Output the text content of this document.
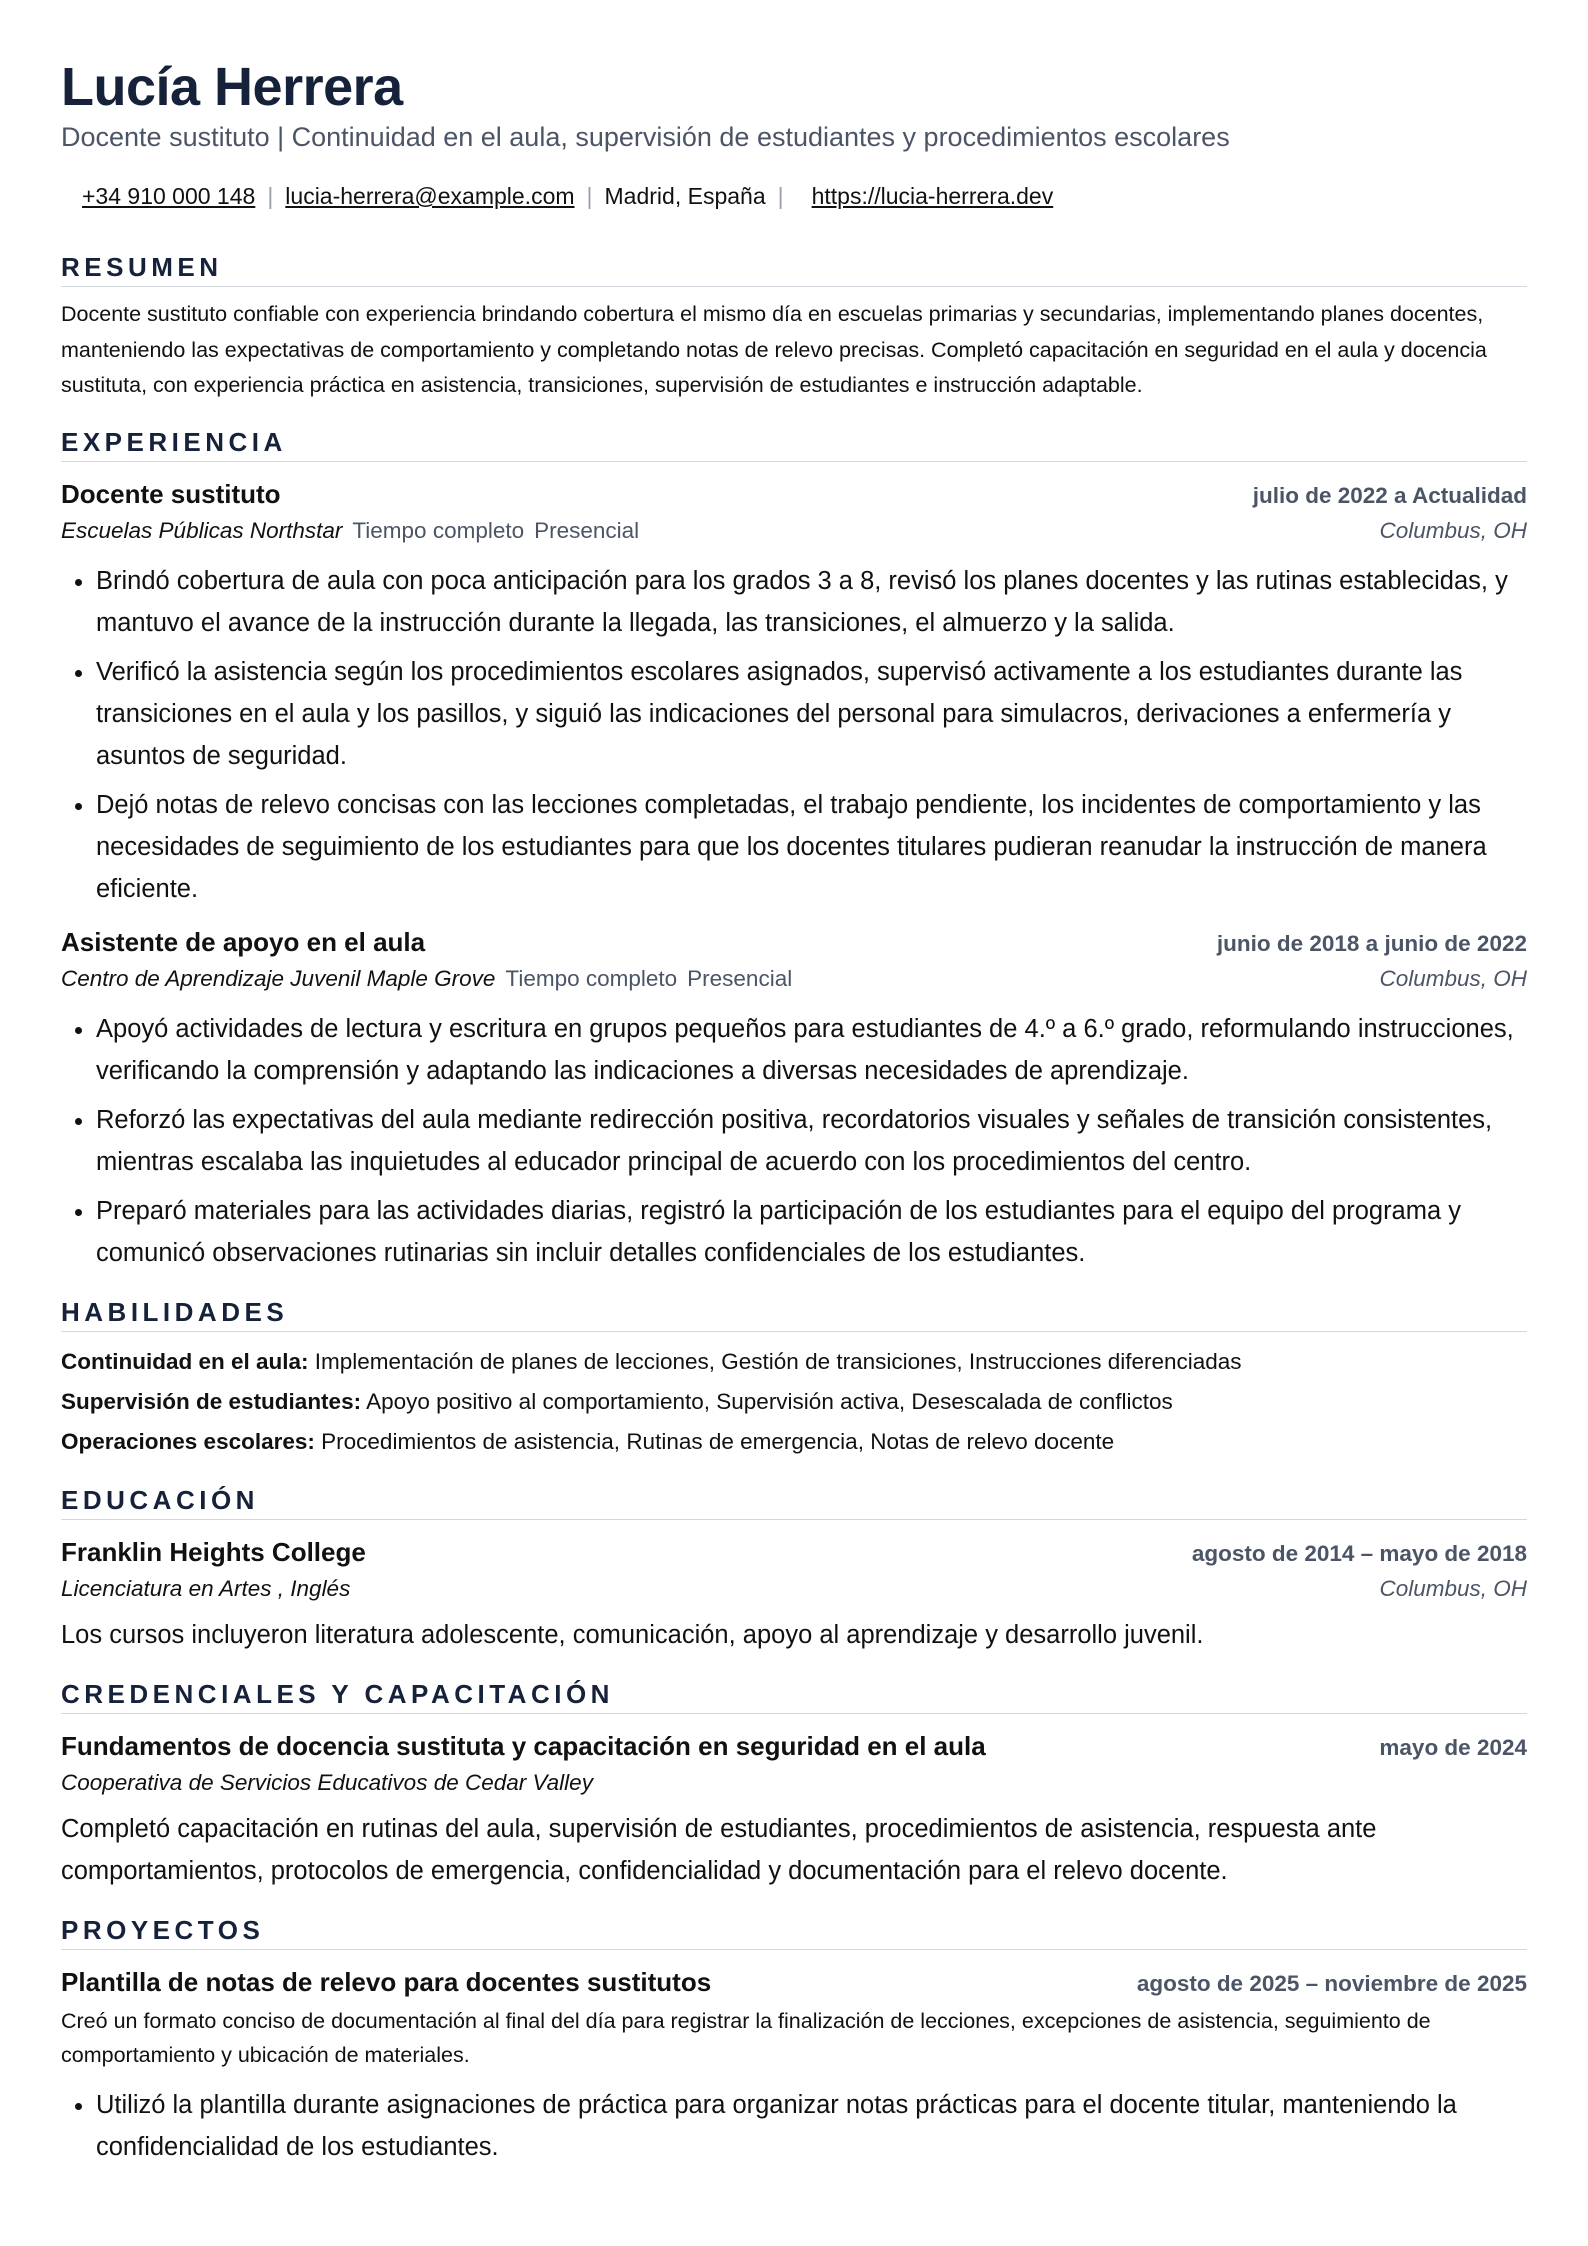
Lucía Herrera
Docente sustituto | Continuidad en el aula, supervisión de estudiantes y procedimientos escolares
+34 910 000 148 | lucia-herrera@example.com | Madrid, España | https://lucia-herrera.dev
RESUMEN
Docente sustituto confiable con experiencia brindando cobertura el mismo día en escuelas primarias y secundarias, implementando planes docentes, manteniendo las expectativas de comportamiento y completando notas de relevo precisas. Completó capacitación en seguridad en el aula y docencia sustituta, con experiencia práctica en asistencia, transiciones, supervisión de estudiantes e instrucción adaptable.
EXPERIENCIA
Docente sustituto	julio de 2022 a Actualidad
Escuelas Públicas Northstar Tiempo completo Presencial	Columbus, OH
• Brindó cobertura de aula con poca anticipación para los grados 3 a 8, revisó los planes docentes y las rutinas establecidas, y mantuvo el avance de la instrucción durante la llegada, las transiciones, el almuerzo y la salida.
• Verificó la asistencia según los procedimientos escolares asignados, supervisó activamente a los estudiantes durante las transiciones en el aula y los pasillos, y siguió las indicaciones del personal para simulacros, derivaciones a enfermería y asuntos de seguridad.
• Dejó notas de relevo concisas con las lecciones completadas, el trabajo pendiente, los incidentes de comportamiento y las necesidades de seguimiento de los estudiantes para que los docentes titulares pudieran reanudar la instrucción de manera eficiente.
Asistente de apoyo en el aula	junio de 2018 a junio de 2022
Centro de Aprendizaje Juvenil Maple Grove Tiempo completo Presencial	Columbus, OH
• Apoyó actividades de lectura y escritura en grupos pequeños para estudiantes de 4.º a 6.º grado, reformulando instrucciones, verificando la comprensión y adaptando las indicaciones a diversas necesidades de aprendizaje.
• Reforzó las expectativas del aula mediante redirección positiva, recordatorios visuales y señales de transición consistentes, mientras escalaba las inquietudes al educador principal de acuerdo con los procedimientos del centro.
• Preparó materiales para las actividades diarias, registró la participación de los estudiantes para el equipo del programa y comunicó observaciones rutinarias sin incluir detalles confidenciales de los estudiantes.
HABILIDADES
Continuidad en el aula: Implementación de planes de lecciones, Gestión de transiciones, Instrucciones diferenciadas
Supervisión de estudiantes: Apoyo positivo al comportamiento, Supervisión activa, Desescalada de conflictos
Operaciones escolares: Procedimientos de asistencia, Rutinas de emergencia, Notas de relevo docente
EDUCACIÓN
Franklin Heights College	agosto de 2014 – mayo de 2018
Licenciatura en Artes , Inglés	Columbus, OH
Los cursos incluyeron literatura adolescente, comunicación, apoyo al aprendizaje y desarrollo juvenil.
CREDENCIALES Y CAPACITACIÓN
Fundamentos de docencia sustituta y capacitación en seguridad en el aula	mayo de 2024
Cooperativa de Servicios Educativos de Cedar Valley
Completó capacitación en rutinas del aula, supervisión de estudiantes, procedimientos de asistencia, respuesta ante comportamientos, protocolos de emergencia, confidencialidad y documentación para el relevo docente.
PROYECTOS
Plantilla de notas de relevo para docentes sustitutos	agosto de 2025 – noviembre de 2025
Creó un formato conciso de documentación al final del día para registrar la finalización de lecciones, excepciones de asistencia, seguimiento de comportamiento y ubicación de materiales.
• Utilizó la plantilla durante asignaciones de práctica para organizar notas prácticas para el docente titular, manteniendo la confidencialidad de los estudiantes.
